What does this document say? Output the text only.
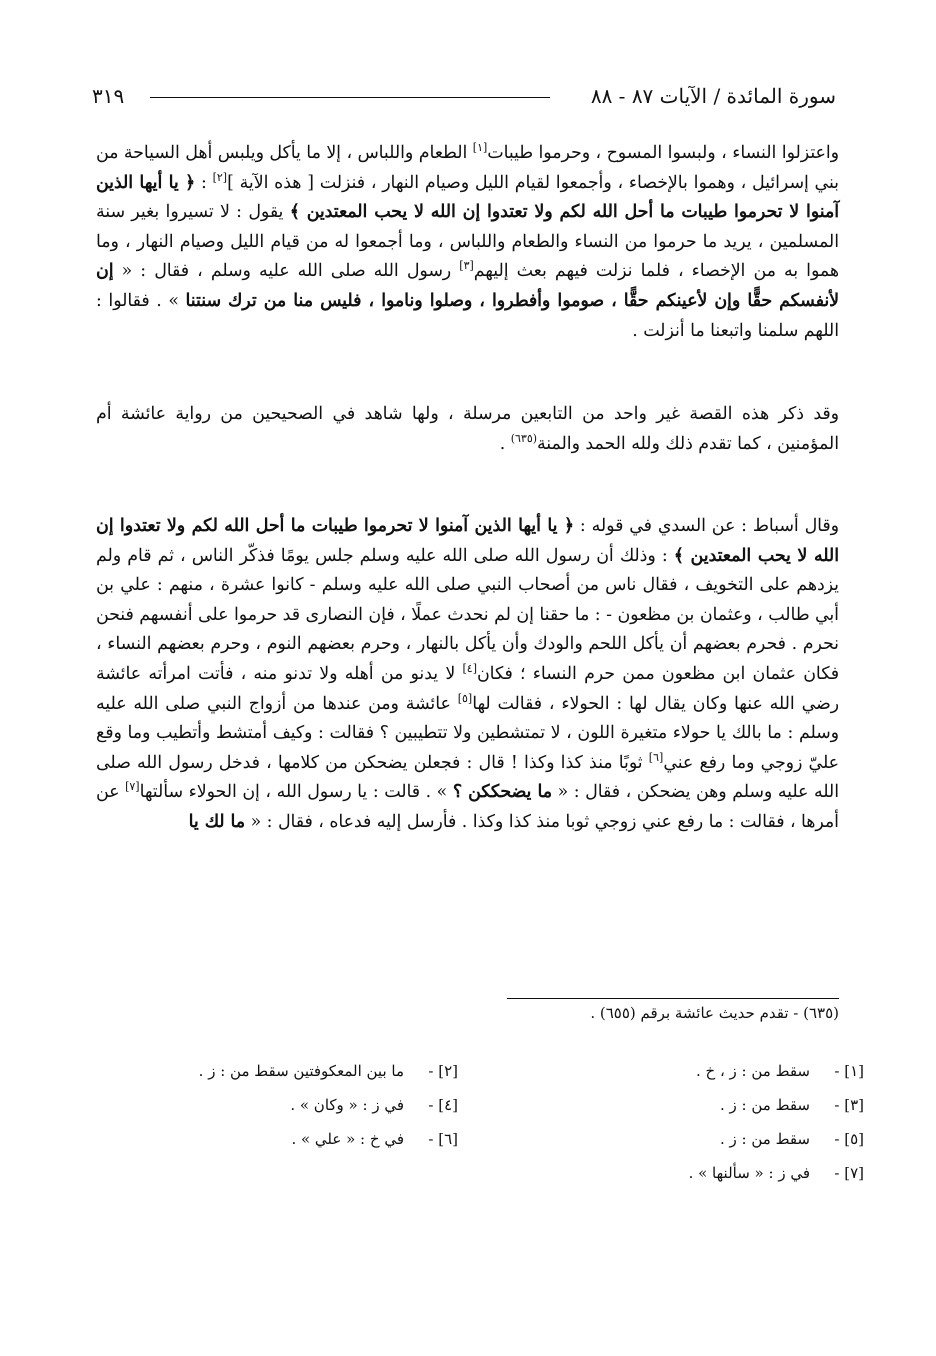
سورة المائدة / الآيات ٨٧ - ٨٨
٣١٩

واعتزلوا النساء ، ولبسوا المسوح ، وحرموا طيبات[١] الطعام واللباس ، إلا ما يأكل ويلبس أهل السياحة من بني إسرائيل ، وهموا بالإخصاء ، وأجمعوا لقيام الليل وصيام النهار ، فنزلت [ هذه الآية ][٢] : ﴿ يا أيها الذين آمنوا لا تحرموا طيبات ما أحل الله لكم ولا تعتدوا إن الله لا يحب المعتدين ﴾ يقول : لا تسيروا بغير سنة المسلمين ، يريد ما حرموا من النساء والطعام واللباس ، وما أجمعوا له من قيام الليل وصيام النهار ، وما هموا به من الإخصاء ، فلما نزلت فيهم بعث إليهم[٣] رسول الله صلى الله عليه وسلم ، فقال : « إن لأنفسكم حقًّا وإن لأعينكم حقًّا ، صوموا وأفطروا ، وصلوا وناموا ، فليس منا من ترك سنتنا » . فقالوا : اللهم سلمنا واتبعنا ما أنزلت .

وقد ذكر هذه القصة غير واحد من التابعين مرسلة ، ولها شاهد في الصحيحين من رواية عائشة أم المؤمنين ، كما تقدم ذلك ولله الحمد والمنة$^{(٦٣٥)}$ .

وقال أسباط : عن السدي في قوله : ﴿ يا أيها الذين آمنوا لا تحرموا طيبات ما أحل الله لكم ولا تعتدوا إن الله لا يحب المعتدين ﴾ : وذلك أن رسول الله صلى الله عليه وسلم جلس يومًا فذكّر الناس ، ثم قام ولم يزدهم على التخويف ، فقال ناس من أصحاب النبي صلى الله عليه وسلم - كانوا عشرة ، منهم : علي بن أبي طالب ، وعثمان بن مظعون - : ما حقنا إن لم نحدث عملًا ، فإن النصارى قد حرموا على أنفسهم فنحن نحرم . فحرم بعضهم أن يأكل اللحم والودك وأن يأكل بالنهار ، وحرم بعضهم النوم ، وحرم بعضهم النساء ، فكان عثمان ابن مظعون ممن حرم النساء ؛ فكان[٤] لا يدنو من أهله ولا تدنو منه ، فأتت امرأته عائشة رضي الله عنها وكان يقال لها : الحولاء ، فقالت لها[٥] عائشة ومن عندها من أزواج النبي صلى الله عليه وسلم : ما بالك يا حولاء متغيرة اللون ، لا تمتشطين ولا تتطيبين ؟ فقالت : وكيف أمتشط وأتطيب وما وقع عليّ زوجي وما رفع عني[٦] ثوبًا منذ كذا وكذا ! قال : فجعلن يضحكن من كلامها ، فدخل رسول الله صلى الله عليه وسلم وهن يضحكن ، فقال : « ما يضحككن ؟ » . قالت : يا رسول الله ، إن الحولاء سألتها[٧] عن أمرها ، فقالت : ما رفع عني زوجي ثوبا منذ كذا وكذا . فأرسل إليه فدعاه ، فقال : « ما لك يا

(٦٣٥) - تقدم حديث عائشة برقم (٦٥٥) .
[١] -سقط من : ز ، خ .
[٣] -سقط من : ز .
[٥] -سقط من : ز .
[٧] -في ز : « سألنها » .
[٢] -ما بين المعكوفتين سقط من : ز .
[٤] -في ز : « وكان » .
[٦] -في خ : « علي » .
